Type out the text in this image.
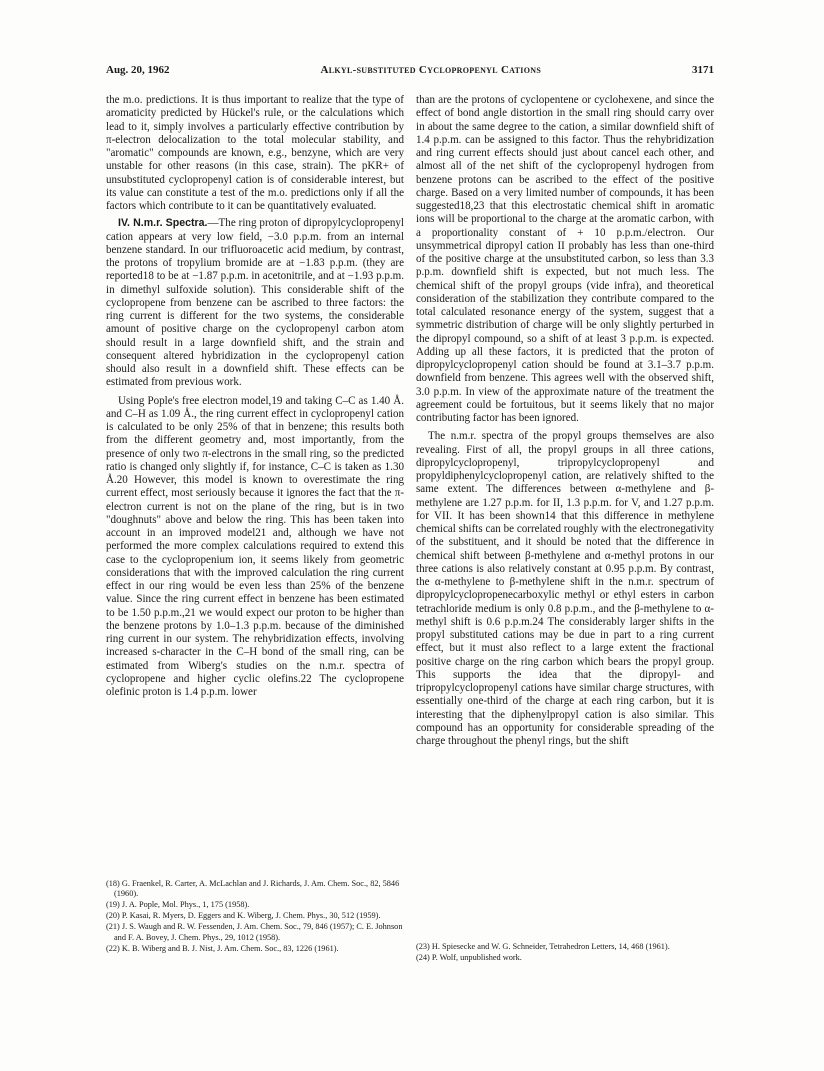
Aug. 20, 1962	Alkyl-substituted Cyclopropenyl Cations	3171

the m.o. predictions. It is thus important to realize that the type of aromaticity predicted by Hückel's rule, or the calculations which lead to it, simply involves a particularly effective contribution by π-electron delocalization to the total molecular stability, and "aromatic" compounds are known, e.g., benzyne, which are very unstable for other reasons (in this case, strain). The pKR+ of unsubstituted cyclopropenyl cation is of considerable interest, but its value can constitute a test of the m.o. predictions only if all the factors which contribute to it can be quantitatively evaluated.

IV. N.m.r. Spectra.—The ring proton of dipropylcyclopropenyl cation appears at very low field, −3.0 p.p.m. from an internal benzene standard. In our trifluoroacetic acid medium, by contrast, the protons of tropylium bromide are at −1.83 p.p.m. (they are reported18 to be at −1.87 p.p.m. in acetonitrile, and at −1.93 p.p.m. in dimethyl sulfoxide solution). This considerable shift of the cyclopropene from benzene can be ascribed to three factors: the ring current is different for the two systems, the considerable amount of positive charge on the cyclopropenyl carbon atom should result in a large downfield shift, and the strain and consequent altered hybridization in the cyclopropenyl cation should also result in a downfield shift. These effects can be estimated from previous work.

Using Pople's free electron model,19 and taking C–C as 1.40 Å. and C–H as 1.09 Å., the ring current effect in cyclopropenyl cation is calculated to be only 25% of that in benzene; this results both from the different geometry and, most importantly, from the presence of only two π-electrons in the small ring, so the predicted ratio is changed only slightly if, for instance, C–C is taken as 1.30 Å.20 However, this model is known to overestimate the ring current effect, most seriously because it ignores the fact that the π-electron current is not on the plane of the ring, but is in two "doughnuts" above and below the ring. This has been taken into account in an improved model21 and, although we have not performed the more complex calculations required to extend this case to the cyclopropenium ion, it seems likely from geometric considerations that with the improved calculation the ring current effect in our ring would be even less than 25% of the benzene value. Since the ring current effect in benzene has been estimated to be 1.50 p.p.m.,21 we would expect our proton to be higher than the benzene protons by 1.0–1.3 p.p.m. because of the diminished ring current in our system. The rehybridization effects, involving increased s-character in the C–H bond of the small ring, can be estimated from Wiberg's studies on the n.m.r. spectra of cyclopropene and higher cyclic olefins.22 The cyclopropene olefinic proton is 1.4 p.p.m. lower

than are the protons of cyclopentene or cyclohexene, and since the effect of bond angle distortion in the small ring should carry over in about the same degree to the cation, a similar downfield shift of 1.4 p.p.m. can be assigned to this factor. Thus the rehybridization and ring current effects should just about cancel each other, and almost all of the net shift of the cyclopropenyl hydrogen from benzene protons can be ascribed to the effect of the positive charge. Based on a very limited number of compounds, it has been suggested18,23 that this electrostatic chemical shift in aromatic ions will be proportional to the charge at the aromatic carbon, with a proportionality constant of + 10 p.p.m./electron. Our unsymmetrical dipropyl cation II probably has less than one-third of the positive charge at the unsubstituted carbon, so less than 3.3 p.p.m. downfield shift is expected, but not much less. The chemical shift of the propyl groups (vide infra), and theoretical consideration of the stabilization they contribute compared to the total calculated resonance energy of the system, suggest that a symmetric distribution of charge will be only slightly perturbed in the dipropyl compound, so a shift of at least 3 p.p.m. is expected. Adding up all these factors, it is predicted that the proton of dipropylcyclopropenyl cation should be found at 3.1–3.7 p.p.m. downfield from benzene. This agrees well with the observed shift, 3.0 p.p.m. In view of the approximate nature of the treatment the agreement could be fortuitous, but it seems likely that no major contributing factor has been ignored.

The n.m.r. spectra of the propyl groups themselves are also revealing. First of all, the propyl groups in all three cations, dipropylcyclopropenyl, tripropylcyclopropenyl and propyldiphenylcyclopropenyl cation, are relatively shifted to the same extent. The differences between α-methylene and β-methylene are 1.27 p.p.m. for II, 1.3 p.p.m. for V, and 1.27 p.p.m. for VII. It has been shown14 that this difference in methylene chemical shifts can be correlated roughly with the electronegativity of the substituent, and it should be noted that the difference in chemical shift between β-methylene and α-methyl protons in our three cations is also relatively constant at 0.95 p.p.m. By contrast, the α-methylene to β-methylene shift in the n.m.r. spectrum of dipropylcyclopropenecarboxylic methyl or ethyl esters in carbon tetrachloride medium is only 0.8 p.p.m., and the β-methylene to α-methyl shift is 0.6 p.p.m.24 The considerably larger shifts in the propyl substituted cations may be due in part to a ring current effect, but it must also reflect to a large extent the fractional positive charge on the ring carbon which bears the propyl group. This supports the idea that the dipropyl- and tripropylcyclopropenyl cations have similar charge structures, with essentially one-third of the charge at each ring carbon, but it is interesting that the diphenylpropyl cation is also similar. This compound has an opportunity for considerable spreading of the charge throughout the phenyl rings, but the shift

(18) G. Fraenkel, R. Carter, A. McLachlan and J. Richards, J. Am. Chem. Soc., 82, 5846 (1960).
(19) J. A. Pople, Mol. Phys., 1, 175 (1958).
(20) P. Kasai, R. Myers, D. Eggers and K. Wiberg, J. Chem. Phys., 30, 512 (1959).
(21) J. S. Waugh and R. W. Fessenden, J. Am. Chem. Soc., 79, 846 (1957); C. E. Johnson and F. A. Bovey, J. Chem. Phys., 29, 1012 (1958).
(22) K. B. Wiberg and B. J. Nist, J. Am. Chem. Soc., 83, 1226 (1961).	(23) H. Spiesecke and W. G. Schneider, Tetrahedron Letters, 14, 468 (1961).
(24) P. Wolf, unpublished work.
